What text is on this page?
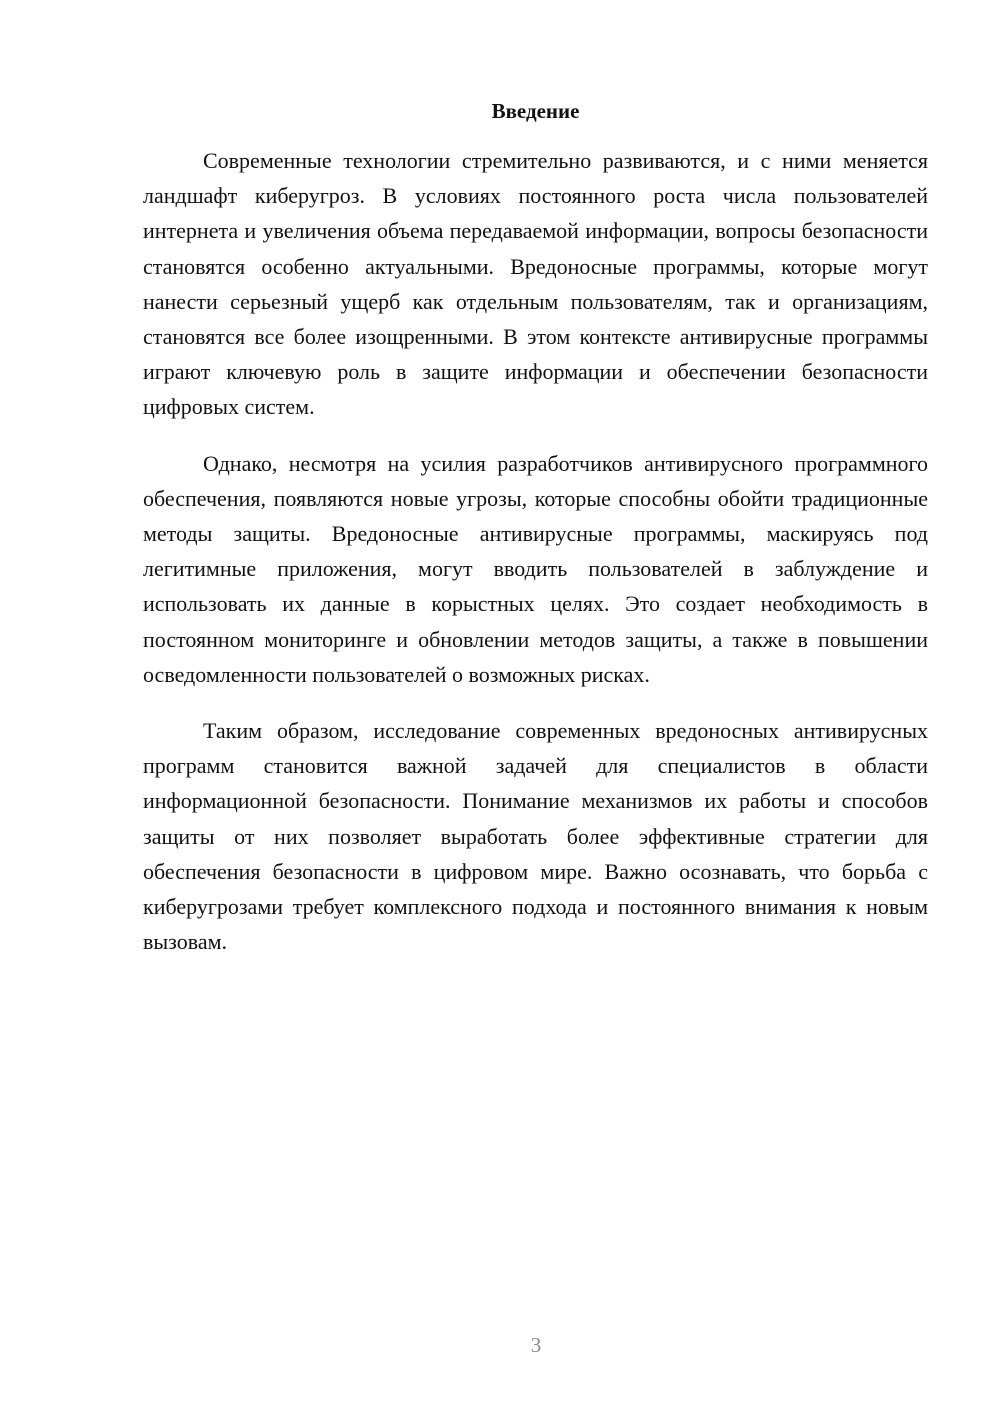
Введение

Современные технологии стремительно развиваются, и с ними меняется ландшафт киберугроз. В условиях постоянного роста числа пользователей интернета и увеличения объема передаваемой информации, вопросы безопасности становятся особенно актуальными. Вредоносные программы, которые могут нанести серьезный ущерб как отдельным пользователям, так и организациям, становятся все более изощренными. В этом контексте антивирусные программы играют ключевую роль в защите информации и обеспечении безопасности цифровых систем.

Однако, несмотря на усилия разработчиков антивирусного программного обеспечения, появляются новые угрозы, которые способны обойти традиционные методы защиты. Вредоносные антивирусные программы, маскируясь под легитимные приложения, могут вводить пользователей в заблуждение и использовать их данные в корыстных целях. Это создает необходимость в постоянном мониторинге и обновлении методов защиты, а также в повышении осведомленности пользователей о возможных рисках.

Таким образом, исследование современных вредоносных антивирусных программ становится важной задачей для специалистов в области информационной безопасности. Понимание механизмов их работы и способов защиты от них позволяет выработать более эффективные стратегии для обеспечения безопасности в цифровом мире. Важно осознавать, что борьба с киберугрозами требует комплексного подхода и постоянного внимания к новым вызовам.

3
